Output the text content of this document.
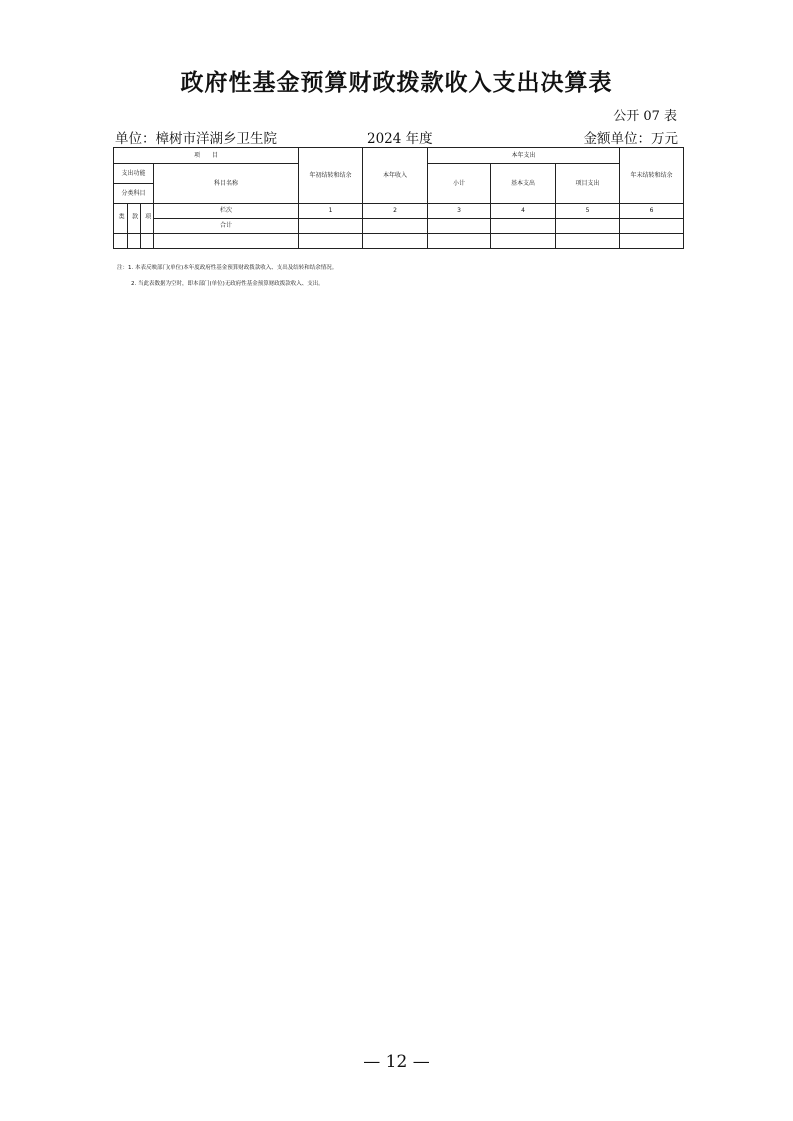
政府性基金预算财政拨款收入支出决算表
公开 07 表
单位：樟树市洋湖乡卫生院	2024 年度	金额单位：万元
项　　目				年初结转和结余	本年收入	本年支出			年末结转和结余

支出功能			科目名称			小计	基本支出	项目支出	
分类科目									
类	款	项	栏次	1	2	3	4	5	6
			合计						

注：1. 本表反映部门(单位)本年度政府性基金预算财政拨款收入、支出及结转和结余情况。
2. 当此表数据为空时，即本部门(单位)无政府性基金预算财政拨款收入、支出。
— 12 —
